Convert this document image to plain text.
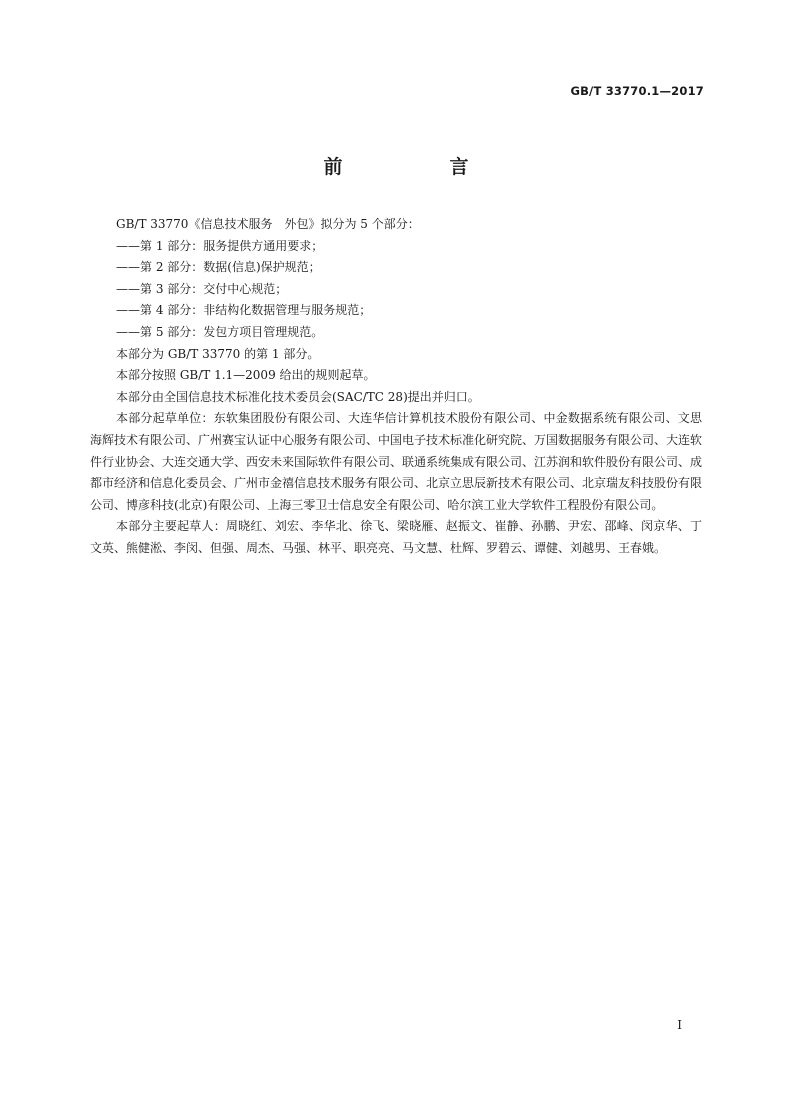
GB/T 33770.1—2017
前　言

GB/T 33770《信息技术服务　外包》拟分为 5 个部分：

——第 1 部分：服务提供方通用要求；

——第 2 部分：数据(信息)保护规范；

——第 3 部分：交付中心规范；

——第 4 部分：非结构化数据管理与服务规范；

——第 5 部分：发包方项目管理规范。

本部分为 GB/T 33770 的第 1 部分。

本部分按照 GB/T 1.1—2009 给出的规则起草。

本部分由全国信息技术标准化技术委员会(SAC/TC 28)提出并归口。

本部分起草单位：东软集团股份有限公司、大连华信计算机技术股份有限公司、中金数据系统有限公司、文思海辉技术有限公司、广州赛宝认证中心服务有限公司、中国电子技术标准化研究院、万国数据服务有限公司、大连软件行业协会、大连交通大学、西安未来国际软件有限公司、联通系统集成有限公司、江苏润和软件股份有限公司、成都市经济和信息化委员会、广州市金禧信息技术服务有限公司、北京立思辰新技术有限公司、北京瑞友科技股份有限公司、博彦科技(北京)有限公司、上海三零卫士信息安全有限公司、哈尔滨工业大学软件工程股份有限公司。

本部分主要起草人：周晓红、刘宏、李华北、徐飞、梁晓雁、赵振文、崔静、孙鹏、尹宏、邵峰、闵京华、丁文英、熊健淞、李闵、但强、周杰、马强、林平、职亮亮、马文慧、杜辉、罗碧云、谭健、刘越男、王春娥。

I
